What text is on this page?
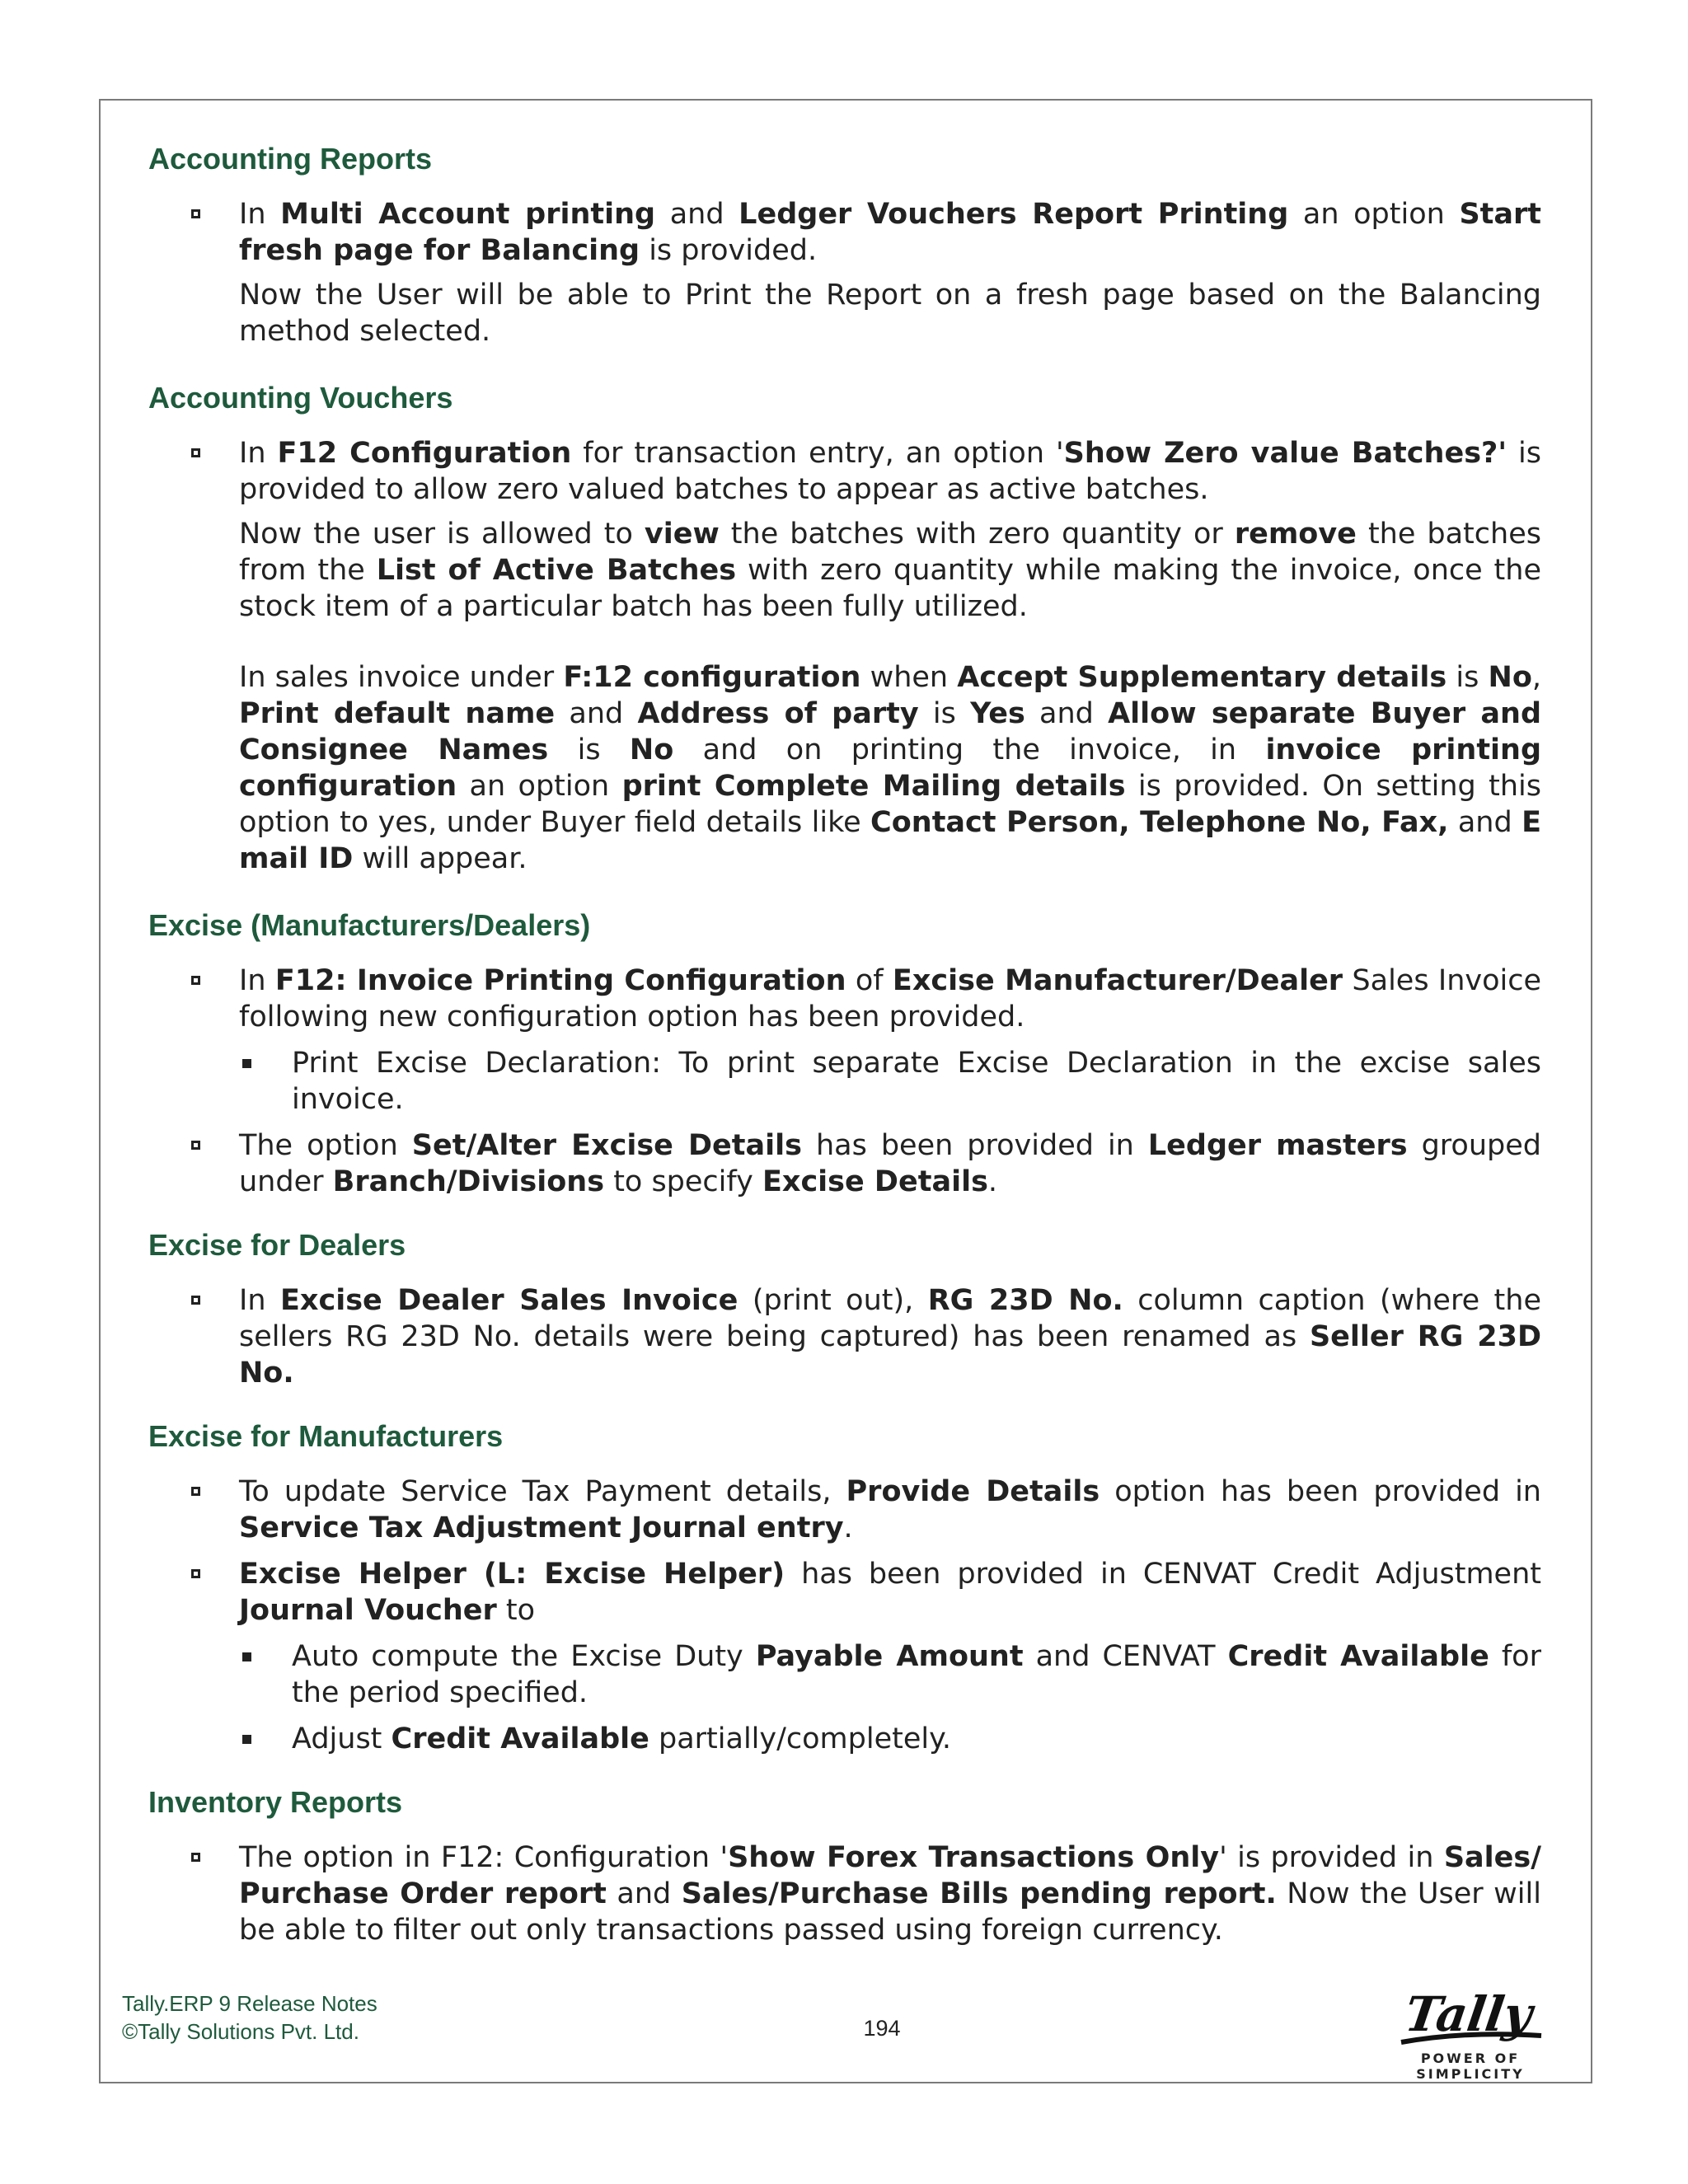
Accounting Reports

In Multi Account printing and Ledger Vouchers Report Printing an option Start fresh page for Balancing is provided.

Now the User will be able to Print the Report on a fresh page based on the Balancing method selected.

Accounting Vouchers

In F12 Configuration for transaction entry, an option 'Show Zero value Batches?' is provided to allow zero valued batches to appear as active batches.

Now the user is allowed to view the batches with zero quantity or remove the batches from the List of Active Batches with zero quantity while making the invoice, once the stock item of a particular batch has been fully utilized.

In sales invoice under F:12 configuration when Accept Supplementary details is No, Print default name and Address of party is Yes and Allow separate Buyer and Consignee Names is No and on printing the invoice, in invoice printing configuration an option print Complete Mailing details is provided. On setting this option to yes, under Buyer field details like Contact Person, Telephone No, Fax, and E mail ID will appear.

Excise (Manufacturers/Dealers)

In F12: Invoice Printing Configuration of Excise Manufacturer/Dealer Sales Invoice following new configuration option has been provided.

Print Excise Declaration: To print separate Excise Declaration in the excise sales invoice.

The option Set/Alter Excise Details has been provided in Ledger masters grouped under Branch/Divisions to specify Excise Details.

Excise for Dealers

In Excise Dealer Sales Invoice (print out), RG 23D No. column caption (where the sellers RG 23D No. details were being captured) has been renamed as Seller RG 23D No.

Excise for Manufacturers

To update Service Tax Payment details, Provide Details option has been provided in Service Tax Adjustment Journal entry.

Excise Helper (L: Excise Helper) has been provided in CENVAT Credit Adjustment Journal Voucher to

Auto compute the Excise Duty Payable Amount and CENVAT Credit Available for the period specified.

Adjust Credit Available partially/completely.

Inventory Reports

The option in F12: Configuration 'Show Forex Transactions Only' is provided in Sales/ Purchase Order report and Sales/Purchase Bills pending report. Now the User will be able to filter out only transactions passed using foreign currency.

Tally.ERP 9 Release Notes
©Tally Solutions Pvt. Ltd.	194	Tally
POWER OF SIMPLICITY
